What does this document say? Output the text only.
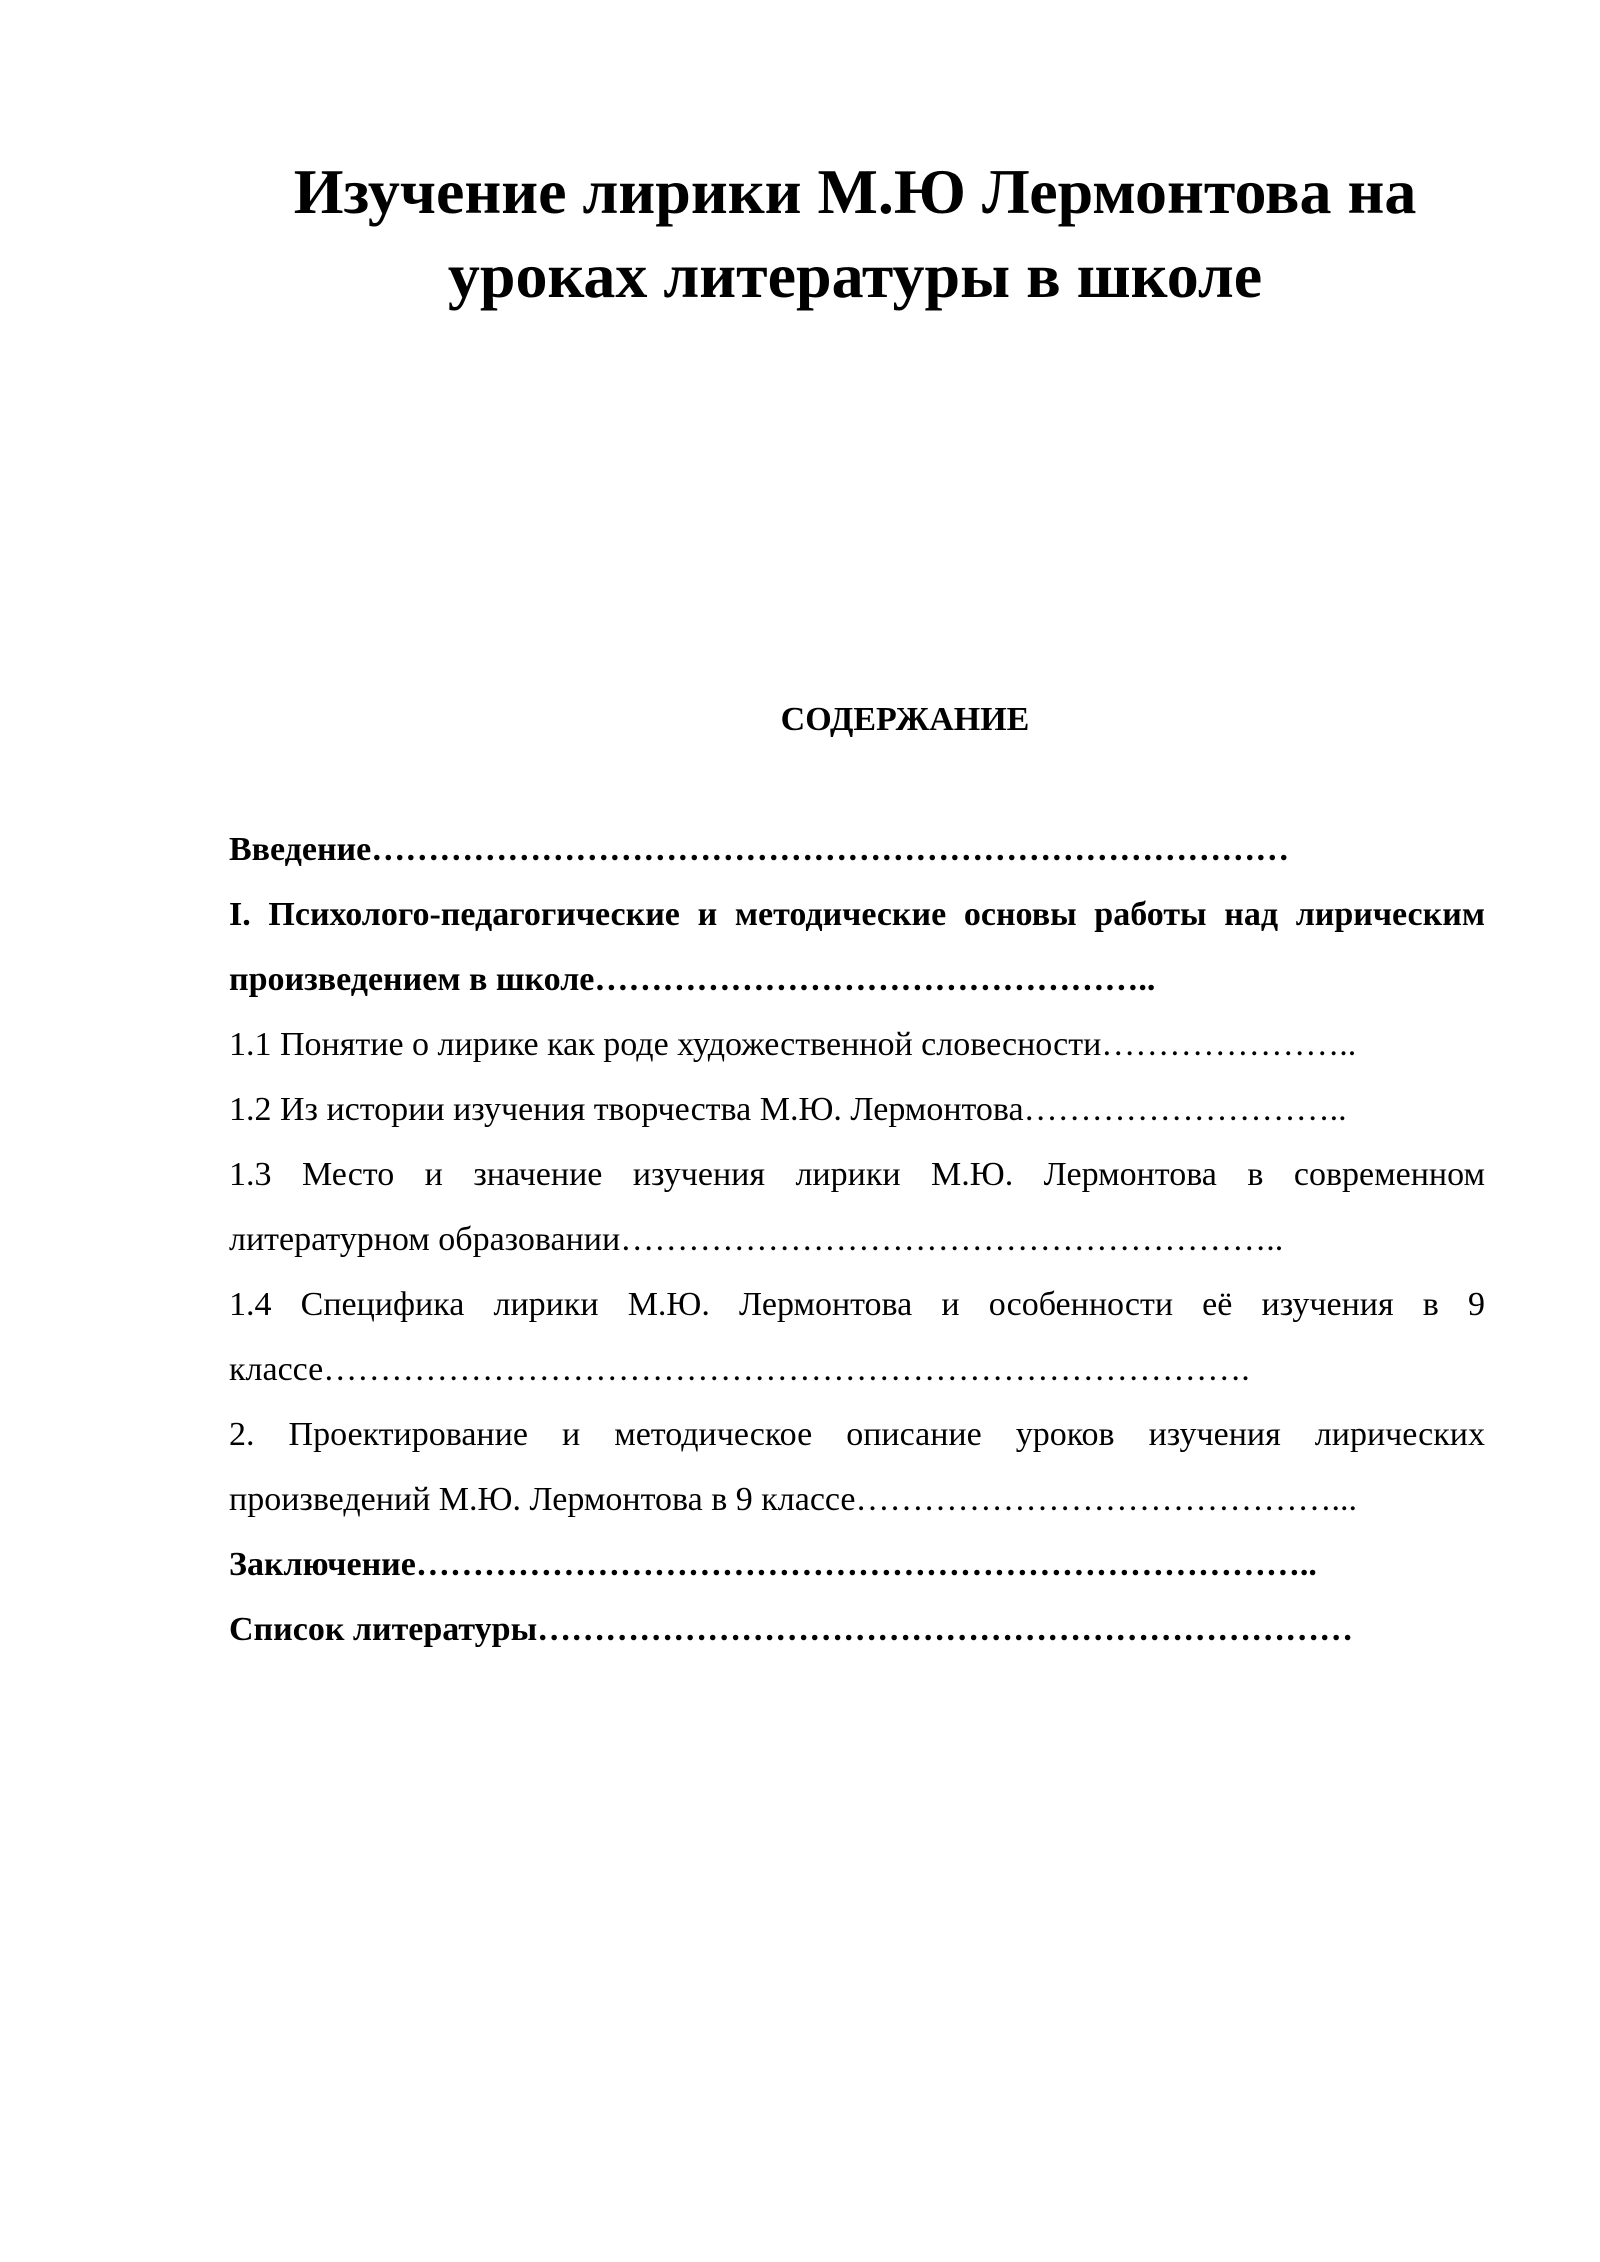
Изучение лирики М.Ю Лермонтова на
уроках литературы в школе
СОДЕРЖАНИЕ
Введение………………………………………………………………………
I. Психолого-педагогические и методические основы работы над лирическим произведением в школе…………………………………………..
1.1 Понятие о лирике как роде художественной словесности…………………..
1.2 Из истории изучения творчества М.Ю. Лермонтова………………………..
1.3 Место и значение изучения лирики М.Ю. Лермонтова в современном литературном образовании…………………………………………………..
1.4 Специфика лирики М.Ю. Лермонтова и особенности её изучения в 9 классе……………………………………………………………………….
2. Проектирование и методическое описание уроков изучения лирических произведений М.Ю. Лермонтова в 9 классе……………………………………...
Заключение……………………………………………………………………..
Список литературы………………………………………………………………
